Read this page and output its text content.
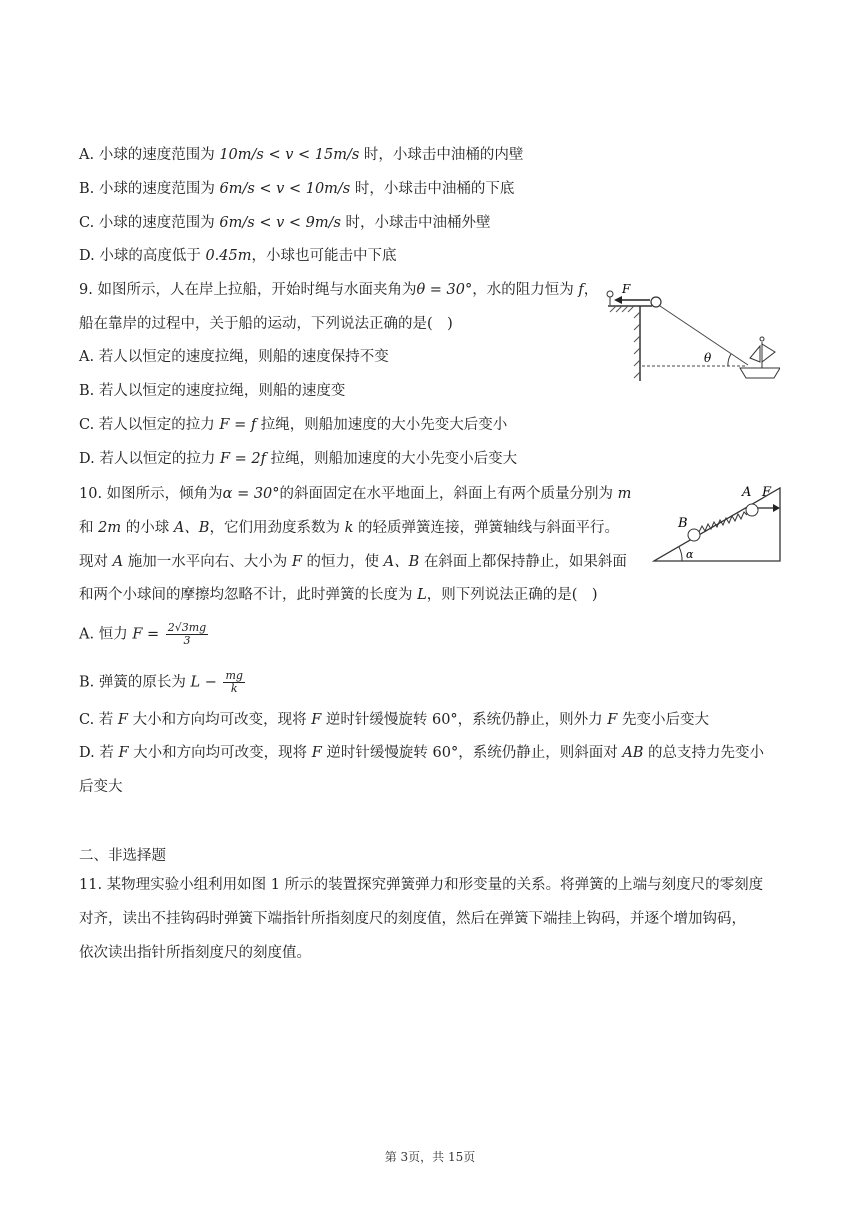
A. 小球的速度范围为 10m/s < v < 15m/s 时，小球击中油桶的内壁
B. 小球的速度范围为 6m/s < v < 10m/s 时，小球击中油桶的下底
C. 小球的速度范围为 6m/s < v < 9m/s 时，小球击中油桶外壁
D. 小球的高度低于 0.45m，小球也可能击中下底
9. 如图所示，人在岸上拉船，开始时绳与水面夹角为θ = 30°，水的阻力恒为 f，
船在靠岸的过程中，关于船的运动，下列说法正确的是(　)
A. 若人以恒定的速度拉绳，则船的速度保持不变
B. 若人以恒定的速度拉绳，则船的速度变
C. 若人以恒定的拉力 F = f 拉绳，则船加速度的大小先变大后变小
D. 若人以恒定的拉力 F = 2f 拉绳，则船加速度的大小先变小后变大
F
θ
10. 如图所示，倾角为α = 30°的斜面固定在水平地面上，斜面上有两个质量分别为 m
和 2m 的小球 A、B，它们用劲度系数为 k 的轻质弹簧连接，弹簧轴线与斜面平行。
现对 A 施加一水平向右、大小为 F 的恒力，使 A、B 在斜面上都保持静止，如果斜面
和两个小球间的摩擦均忽略不计，此时弹簧的长度为 L，则下列说法正确的是(　)
A. 恒力 $F = \frac{2√3mg}{3}$
B. 弹簧的原长为 $L - \frac{mg}{k}$
C. 若 F 大小和方向均可改变，现将 F 逆时针缓慢旋转 60°，系统仍静止，则外力 F 先变小后变大
D. 若 F 大小和方向均可改变，现将 F 逆时针缓慢旋转 60°，系统仍静止，则斜面对 AB 的总支持力先变小
后变大
α
B
A F
二、非选择题
11. 某物理实验小组利用如图 1 所示的装置探究弹簧弹力和形变量的关系。将弹簧的上端与刻度尺的零刻度
对齐，读出不挂钩码时弹簧下端指针所指刻度尺的刻度值，然后在弹簧下端挂上钩码，并逐个增加钩码，
依次读出指针所指刻度尺的刻度值。
第 3页，共 15页
